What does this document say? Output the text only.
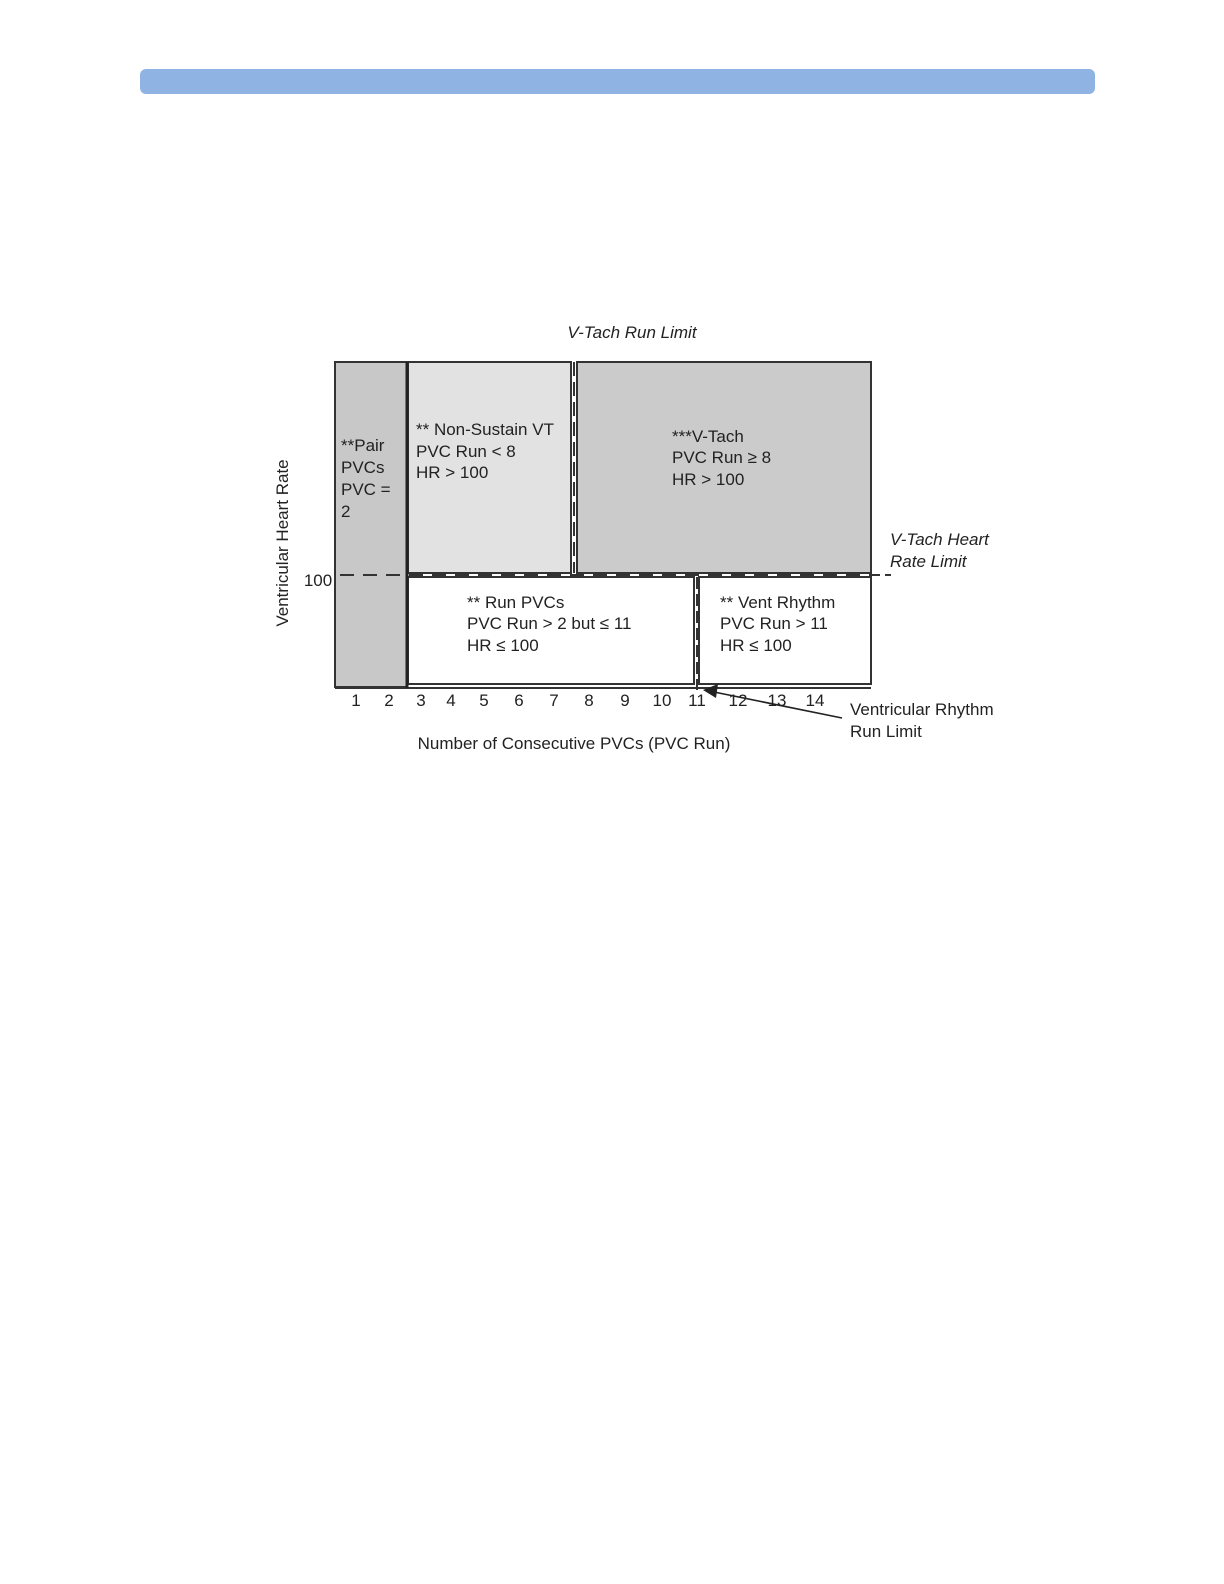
V-Tach Run Limit
Ventricular Heart Rate 100
**Pair
PVCs
PVC =
2
** Non-Sustain VT
PVC Run < 8
HR > 100
***V-Tach
PVC Run ≥ 8
HR > 100
V-Tach Heart
Rate Limit
** Run PVCs
PVC Run > 2 but ≤ 11
HR ≤ 100
** Vent Rhythm
PVC Run > 11
HR ≤ 100
1 2 3 4 5 6 7 8 9 10 11 12 13 14 Ventricular Rhythm
Run Limit
Number of Consecutive PVCs (PVC Run)
